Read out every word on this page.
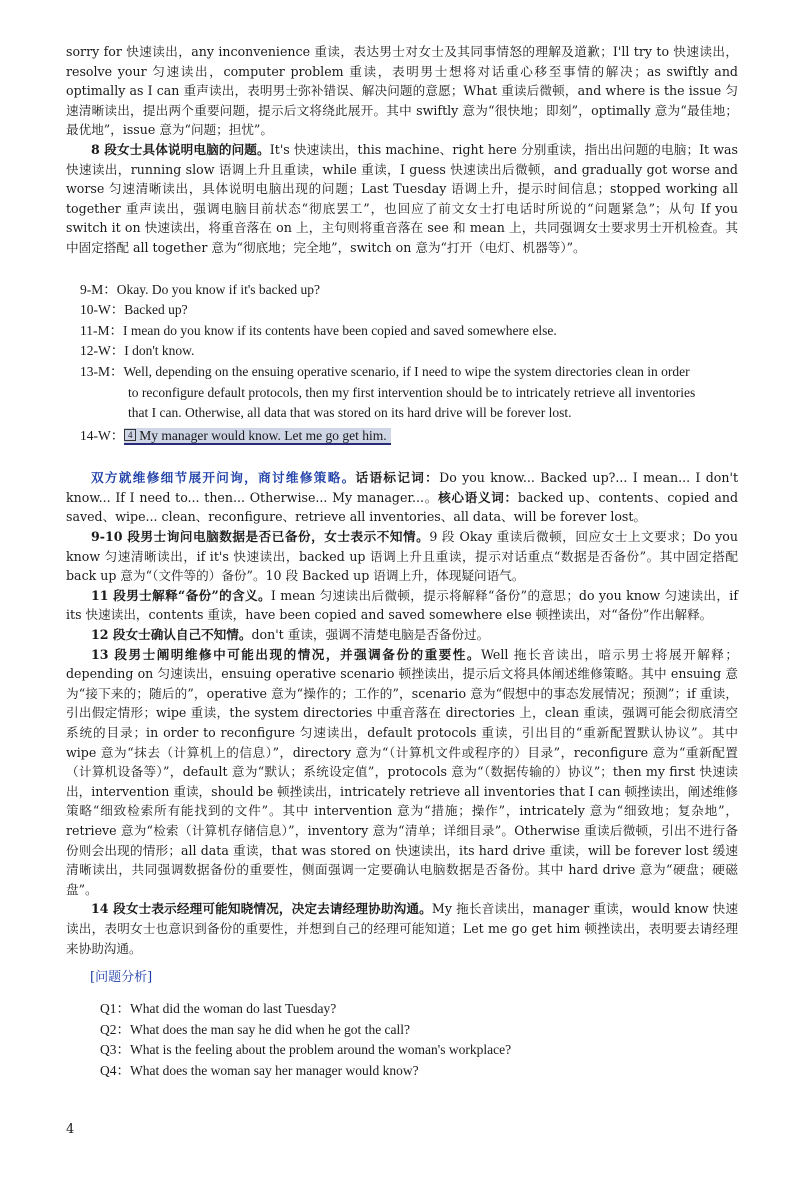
sorry for 快速读出，any inconvenience 重读，表达男士对女士及其同事情怒的理解及道歉；I'll try to 快速读出，resolve your 匀速读出，computer problem 重读，表明男士想将对话重心移至事情的解决；as swiftly and optimally as I can 重声读出，表明男士弥补错误、解决问题的意愿；What 重读后微顿，and where is the issue 匀速清晰读出，提出两个重要问题，提示后文将绕此展开。其中 swiftly 意为“很快地；即刻”，optimally 意为“最佳地；最优地”，issue 意为“问题；担忧”。

8 段女士具体说明电脑的问题。It's 快速读出，this machine、right here 分别重读，指出出问题的电脑；It was 快速读出，running slow 语调上升且重读，while 重读，I guess 快速读出后微顿，and gradually got worse and worse 匀速清晰读出，具体说明电脑出现的问题；Last Tuesday 语调上升，提示时间信息；stopped working all together 重声读出，强调电脑目前状态“彻底罢工”，也回应了前文女士打电话时所说的“问题紧急”；从句 If you switch it on 快速读出，将重音落在 on 上，主句则将重音落在 see 和 mean 上，共同强调女士要求男士开机检查。其中固定搭配 all together 意为“彻底地；完全地”，switch on 意为“打开（电灯、机器等）”。

9-M：Okay. Do you know if it's backed up?
10-W：Backed up?
11-M：I mean do you know if its contents have been copied and saved somewhere else.
12-W：I don't know.
13-M：Well, depending on the ensuing operative scenario, if I need to wipe the system directories clean in order
to reconfigure default protocols, then my first intervention should be to intricately retrieve all inventories
that I can. Otherwise, all data that was stored on its hard drive will be forever lost.
14-W： 4 My manager would know. Let me go get him.

双方就维修细节展开问询，商讨维修策略。话语标记词：Do you know... Backed up?... I mean... I don't know... If I need to... then... Otherwise... My manager...。核心语义词：backed up、contents、copied and saved、wipe... clean、reconfigure、retrieve all inventories、all data、will be forever lost。

9-10 段男士询问电脑数据是否已备份，女士表示不知情。9 段 Okay 重读后微顿，回应女士上文要求；Do you know 匀速清晰读出，if it's 快速读出，backed up 语调上升且重读，提示对话重点“数据是否备份”。其中固定搭配 back up 意为“（文件等的）备份”。10 段 Backed up 语调上升，体现疑问语气。

11 段男士解释“备份”的含义。I mean 匀速读出后微顿，提示将解释“备份”的意思；do you know 匀速读出，if its 快速读出，contents 重读，have been copied and saved somewhere else 顿挫读出，对“备份”作出解释。

12 段女士确认自己不知情。don't 重读，强调不清楚电脑是否备份过。

13 段男士阐明维修中可能出现的情况，并强调备份的重要性。Well 拖长音读出，暗示男士将展开解释；depending on 匀速读出，ensuing operative scenario 顿挫读出，提示后文将具体阐述维修策略。其中 ensuing 意为“接下来的；随后的”，operative 意为“操作的；工作的”，scenario 意为“假想中的事态发展情况；预测”；if 重读，引出假定情形；wipe 重读，the system directories 中重音落在 directories 上，clean 重读，强调可能会彻底清空系统的目录；in order to reconfigure 匀速读出，default protocols 重读，引出目的“重新配置默认协议”。其中 wipe 意为“抹去（计算机上的信息）”，directory 意为“（计算机文件或程序的）目录”，reconfigure 意为“重新配置（计算机设备等）”，default 意为“默认；系统设定值”，protocols 意为“（数据传输的）协议”；then my first 快速读出，intervention 重读，should be 顿挫读出，intricately retrieve all inventories that I can 顿挫读出，阐述维修策略“细致检索所有能找到的文件”。其中 intervention 意为“措施；操作”，intricately 意为“细致地；复杂地”，retrieve 意为“检索（计算机存储信息）”，inventory 意为“清单；详细目录”。Otherwise 重读后微顿，引出不进行备份则会出现的情形；all data 重读，that was stored on 快速读出，its hard drive 重读，will be forever lost 缓速清晰读出，共同强调数据备份的重要性，侧面强调一定要确认电脑数据是否备份。其中 hard drive 意为“硬盘；硬磁盘”。

14 段女士表示经理可能知晓情况，决定去请经理协助沟通。My 拖长音读出，manager 重读，would know 快速读出，表明女士也意识到备份的重要性，并想到自己的经理可能知道；Let me go get him 顿挫读出，表明要去请经理来协助沟通。

[问题分析]
Q1：What did the woman do last Tuesday?
Q2：What does the man say he did when he got the call?
Q3：What is the feeling about the problem around the woman's workplace?
Q4：What does the woman say her manager would know?
4
